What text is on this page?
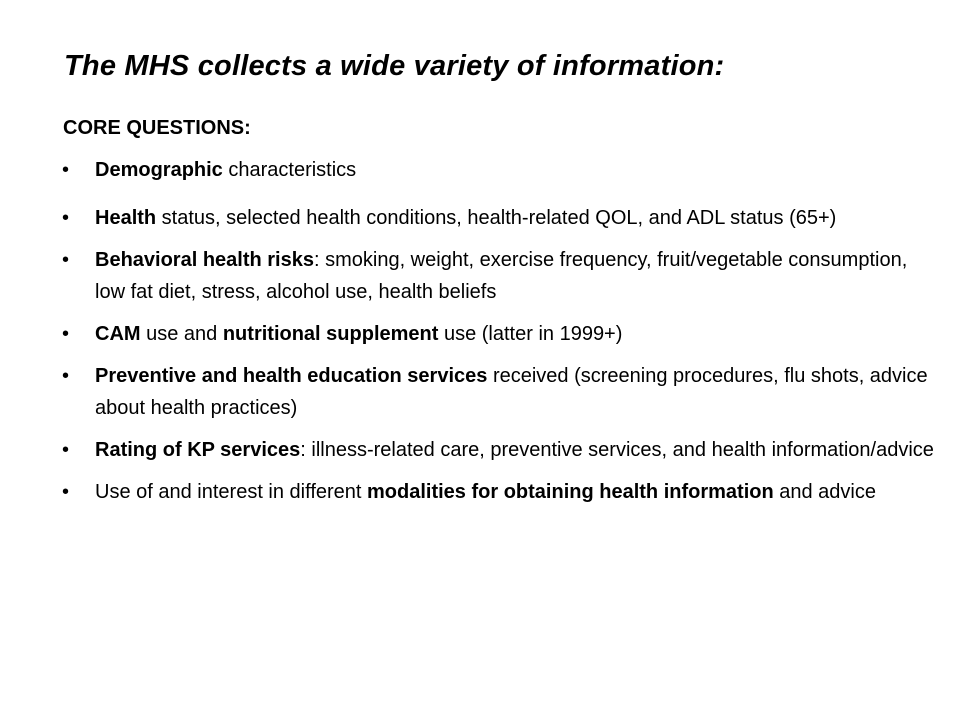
The MHS collects a wide variety of information:
CORE QUESTIONS:
•	Demographic characteristics
•	Health status, selected health conditions, health-related QOL, and ADL status (65+)
•	Behavioral health risks: smoking, weight, exercise frequency, fruit/vegetable consumption, low fat diet, stress, alcohol use, health beliefs
•	CAM use and nutritional supplement use (latter in 1999+)
•	Preventive and health education services received (screening procedures, flu shots, advice about health practices)
•	Rating of KP services: illness-related care, preventive services, and health information/advice
•	Use of and interest in different modalities for obtaining health information and advice
